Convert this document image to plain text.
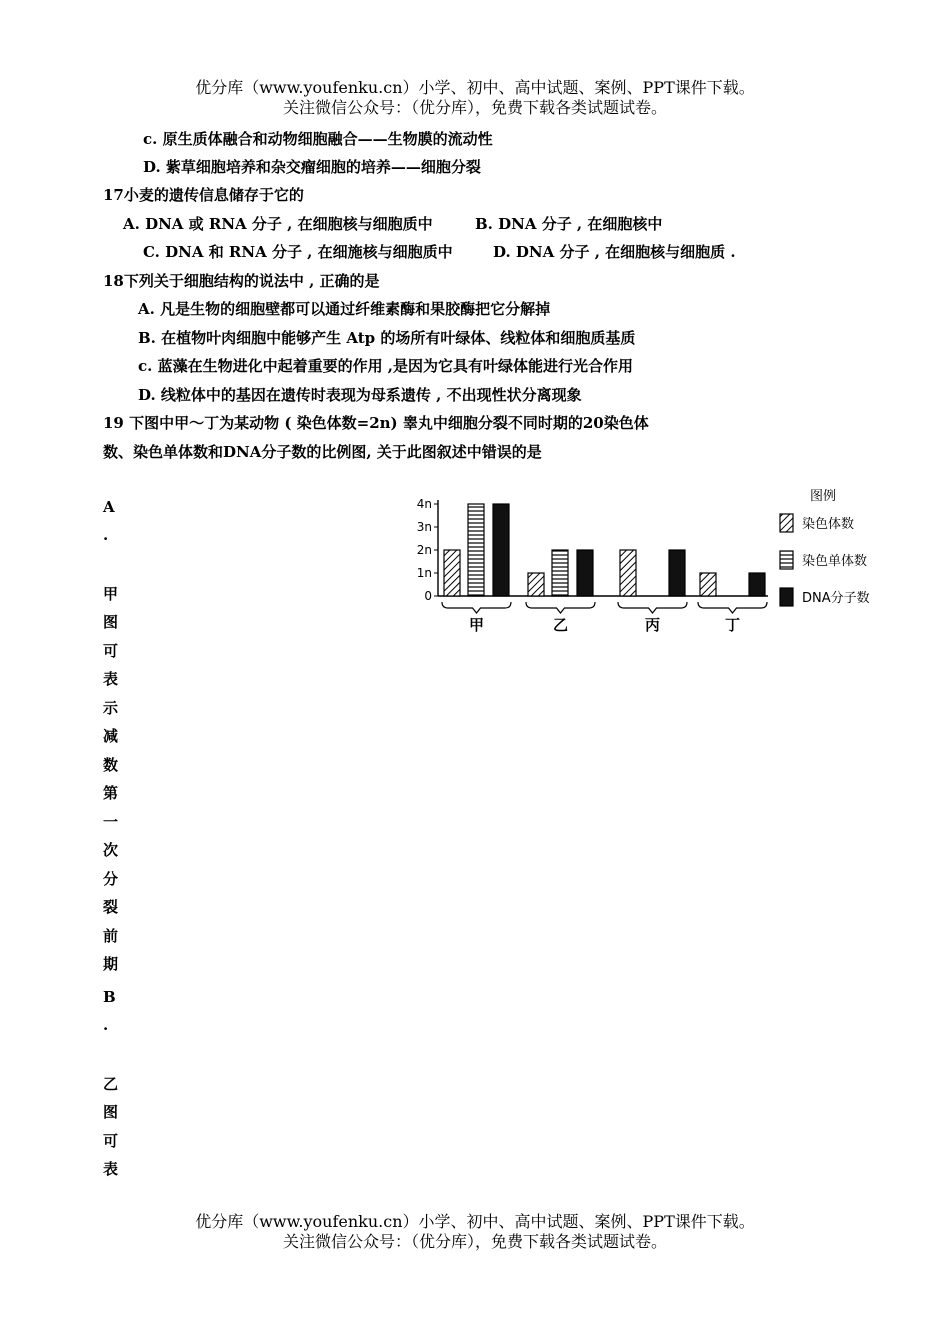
优分库（www.youfenku.cn）小学、初中、高中试题、案例、PPT课件下载。
关注微信公众号：（优分库），免费下载各类试题试卷。
c. 原生质体融合和动物细胞融合——生物膜的流动性
D. 紫草细胞培养和杂交瘤细胞的培养——细胞分裂
17小麦的遗传信息储存于它的
A. DNA 或 RNA 分子 , 在细胞核与细胞质中	B. DNA 分子 , 在细胞核中
C. DNA 和 RNA 分子 , 在细施核与细胞质中	D. DNA 分子 , 在细胞核与细胞质 .
18下列关于细胞结构的说法中 , 正确的是
A. 凡是生物的细胞壁都可以通过纤维素酶和果胶酶把它分解掉
B. 在植物叶肉细胞中能够产生 Atp 的场所有叶绿体、线粒体和细胞质基质
c. 蓝藻在生物进化中起着重要的作用 ,是因为它具有叶绿体能进行光合作用
D. 线粒体中的基因在遗传时表现为母系遗传 , 不出现性状分离现象
19 下图中甲～丁为某动物 ( 染色体数=2n) 睾丸中细胞分裂不同时期的20染色体
数、染色单体数和DNA分子数的比例图, 关于此图叙述中错误的是
A
.
甲
图
可
表
示
减
数
第
一
次
分
裂
前
期
B
.
乙
图
可
表
0
1n
2n
3n
4n
甲	乙	丙	丁
图例
染色体数
染色单体数
DNA分子数
优分库（www.youfenku.cn）小学、初中、高中试题、案例、PPT课件下载。
关注微信公众号：（优分库），免费下载各类试题试卷。
